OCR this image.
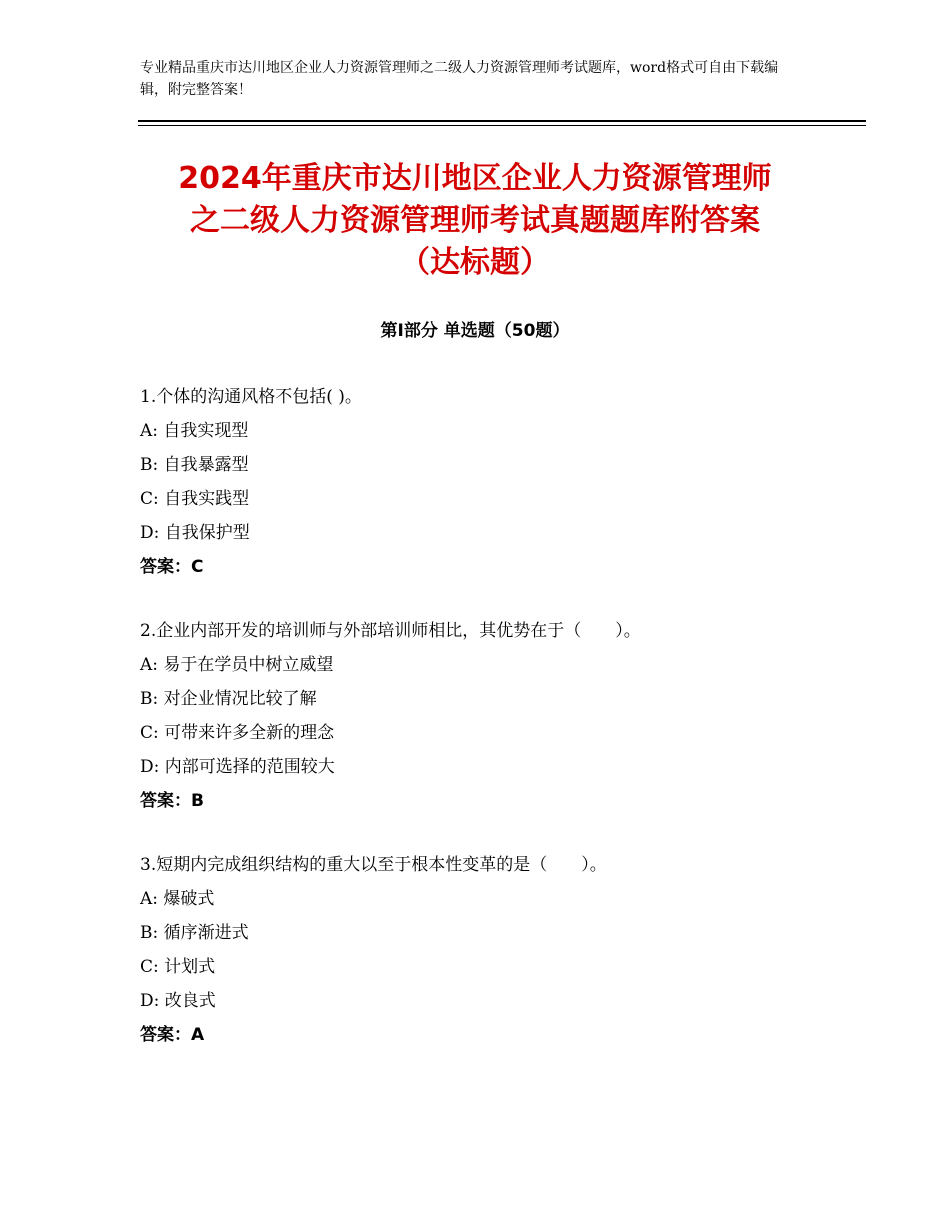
专业精品重庆市达川地区企业人力资源管理师之二级人力资源管理师考试题库，word格式可自由下载编辑，附完整答案！
2024年重庆市达川地区企业人力资源管理师
之二级人力资源管理师考试真题题库附答案
（达标题）
第Ⅰ部分 单选题（50题）
1.个体的沟通风格不包括( )。
A: 自我实现型
B: 自我暴露型
C: 自我实践型
D: 自我保护型
答案：C
2.企业内部开发的培训师与外部培训师相比，其优势在于（　　）。
A: 易于在学员中树立威望
B: 对企业情况比较了解
C: 可带来许多全新的理念
D: 内部可选择的范围较大
答案：B
3.短期内完成组织结构的重大以至于根本性变革的是（　　）。
A: 爆破式
B: 循序渐进式
C: 计划式
D: 改良式
答案：A
